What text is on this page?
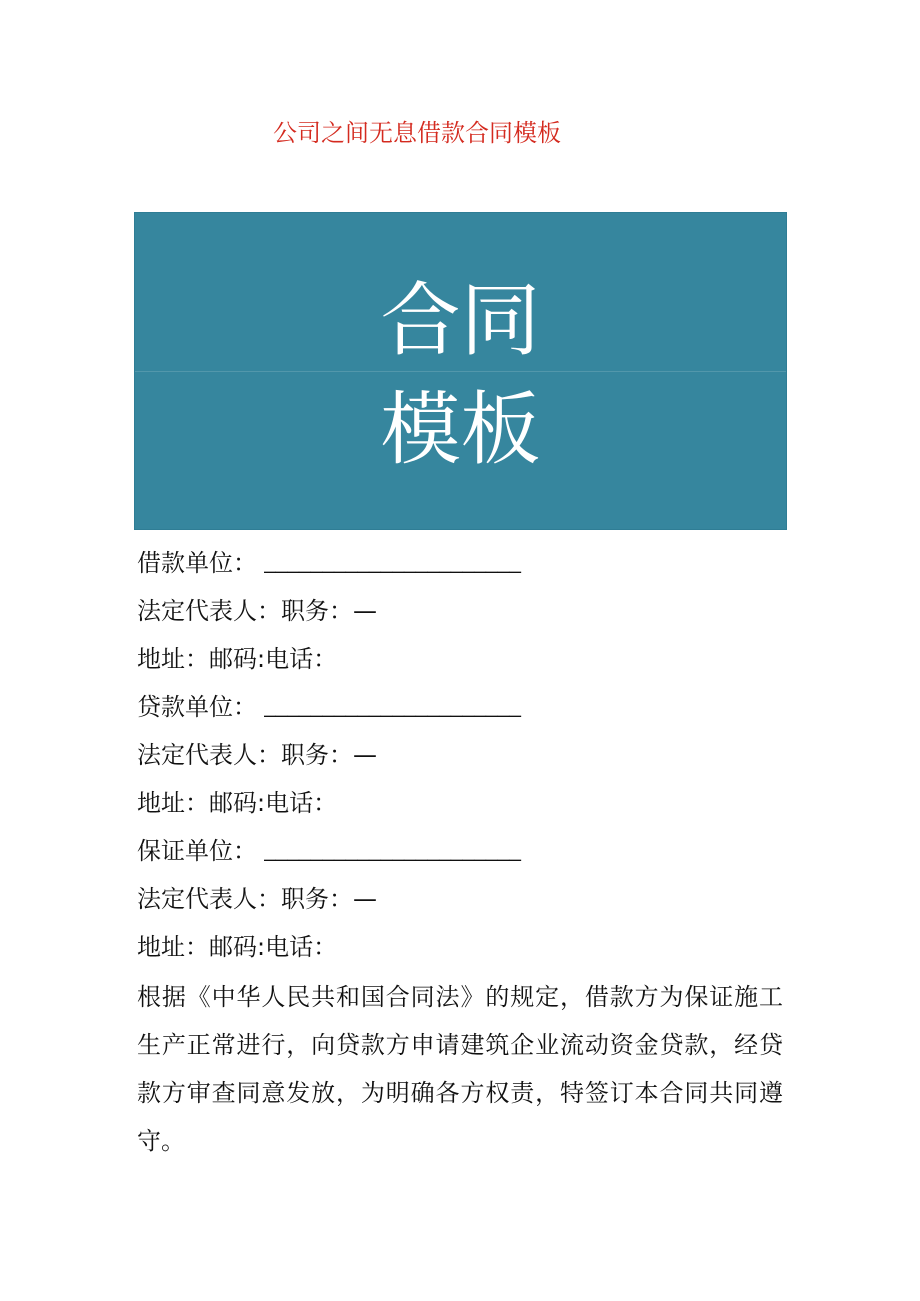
公司之间无息借款合同模板
合同
模板
借款单位： ______________________
法定代表人：职务：—
地址：邮码:电话：
贷款单位： ______________________
法定代表人：职务：—
地址：邮码:电话：
保证单位： ______________________
法定代表人：职务：—
地址：邮码:电话：
根据《中华人民共和国合同法》的规定，借款方为保证施工
生产正常进行，向贷款方申请建筑企业流动资金贷款，经贷
款方审查同意发放，为明确各方权责，特签订本合同共同遵
守。
